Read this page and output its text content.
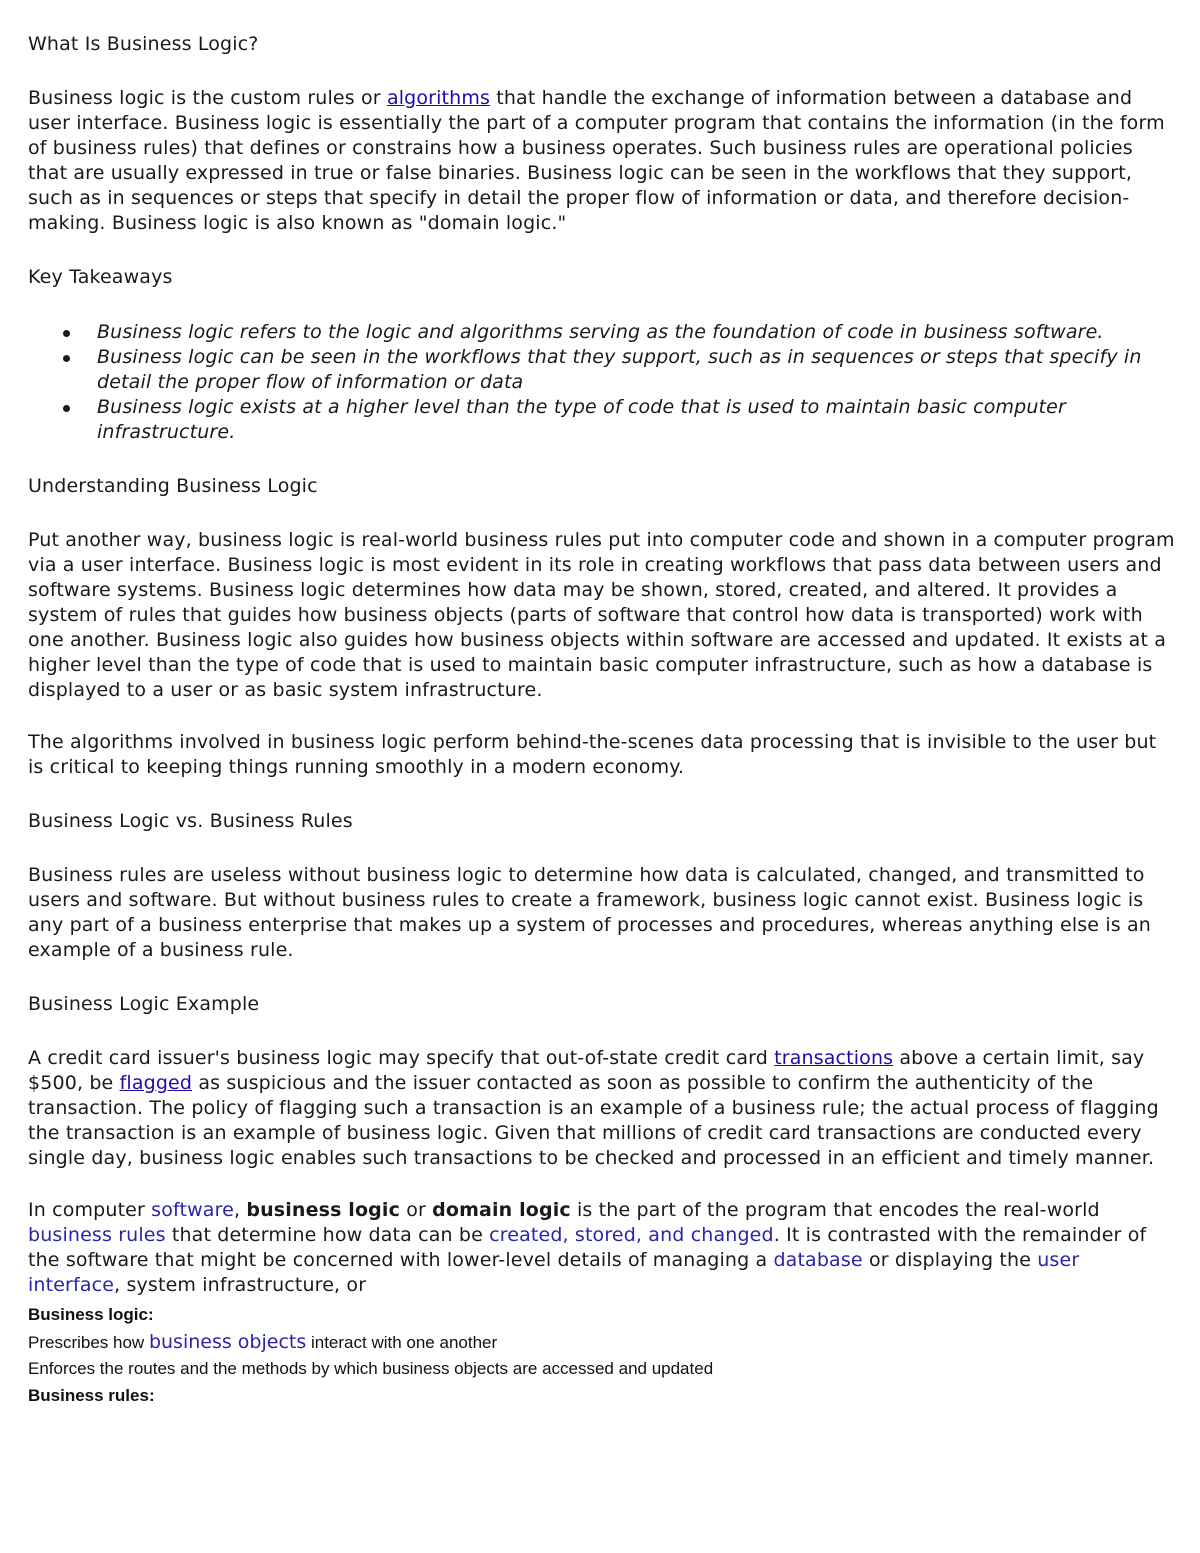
What Is Business Logic?

Business logic is the custom rules or algorithms that handle the exchange of information between a database and user interface. Business logic is essentially the part of a computer program that contains the information (in the form of business rules) that defines or constrains how a business operates. Such business rules are operational policies that are usually expressed in true or false binaries. Business logic can be seen in the workflows that they support, such as in sequences or steps that specify in detail the proper flow of information or data, and therefore decision-making. Business logic is also known as "domain logic."

Key Takeaways

Business logic refers to the logic and algorithms serving as the foundation of code in business software.
Business logic can be seen in the workflows that they support, such as in sequences or steps that specify in detail the proper flow of information or data
Business logic exists at a higher level than the type of code that is used to maintain basic computer infrastructure.

Understanding Business Logic

Put another way, business logic is real-world business rules put into computer code and shown in a computer program via a user interface. Business logic is most evident in its role in creating workflows that pass data between users and software systems. Business logic determines how data may be shown, stored, created, and altered. It provides a system of rules that guides how business objects (parts of software that control how data is transported) work with one another. Business logic also guides how business objects within software are accessed and updated. It exists at a higher level than the type of code that is used to maintain basic computer infrastructure, such as how a database is displayed to a user or as basic system infrastructure.

The algorithms involved in business logic perform behind-the-scenes data processing that is invisible to the user but is critical to keeping things running smoothly in a modern economy.

Business Logic vs. Business Rules

Business rules are useless without business logic to determine how data is calculated, changed, and transmitted to users and software. But without business rules to create a framework, business logic cannot exist. Business logic is any part of a business enterprise that makes up a system of processes and procedures, whereas anything else is an example of a business rule.

Business Logic Example

A credit card issuer's business logic may specify that out-of-state credit card transactions above a certain limit, say $500, be flagged as suspicious and the issuer contacted as soon as possible to confirm the authenticity of the transaction. The policy of flagging such a transaction is an example of a business rule; the actual process of flagging the transaction is an example of business logic. Given that millions of credit card transactions are conducted every single day, business logic enables such transactions to be checked and processed in an efficient and timely manner.

In computer software, business logic or domain logic is the part of the program that encodes the real-world business rules that determine how data can be created, stored, and changed. It is contrasted with the remainder of the software that might be concerned with lower-level details of managing a database or displaying the user interface, system infrastructure, or

Business logic:

Prescribes how business objects interact with one another

Enforces the routes and the methods by which business objects are accessed and updated

Business rules:
